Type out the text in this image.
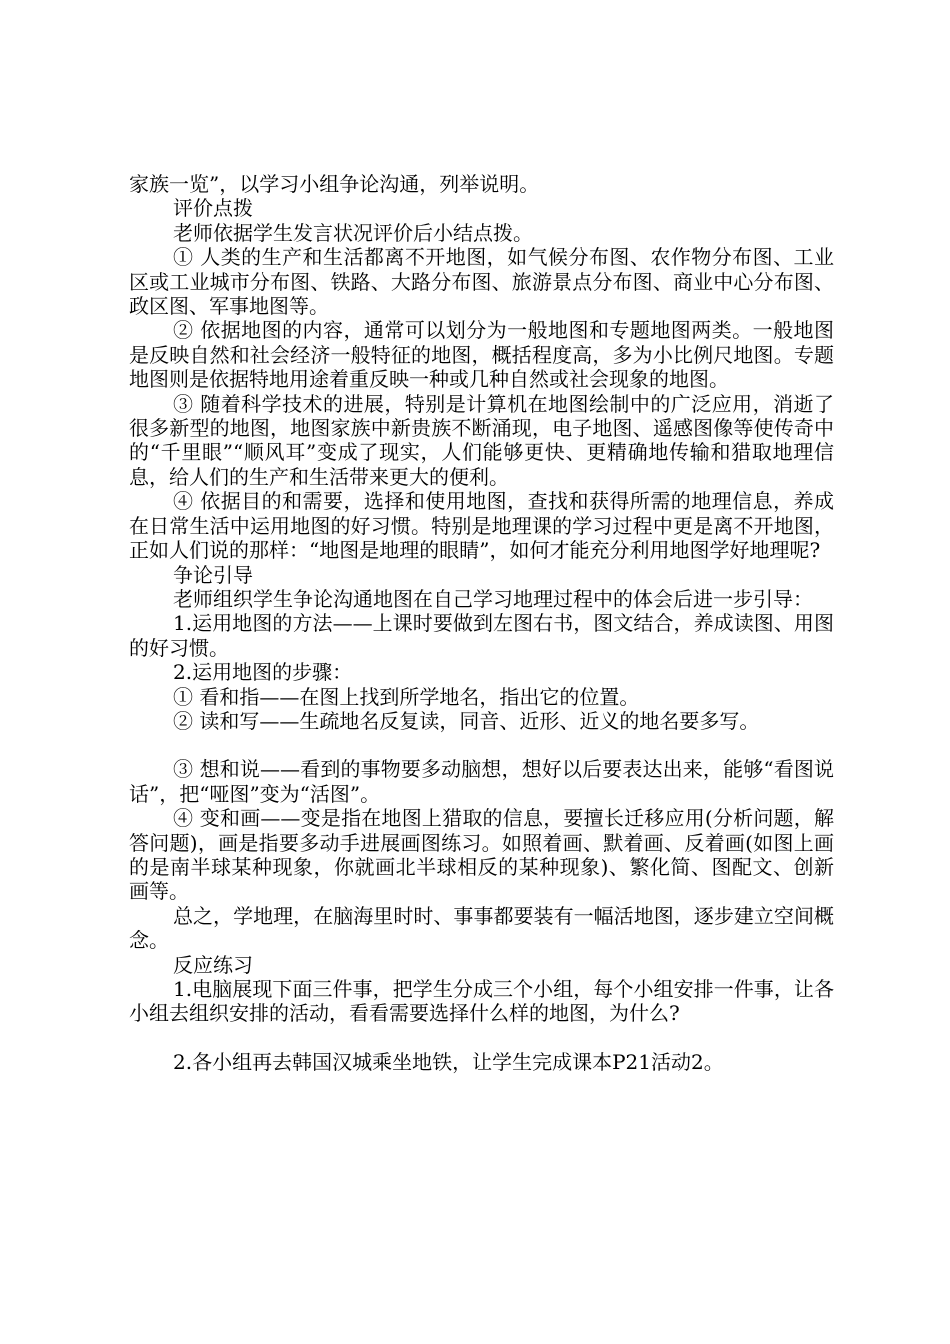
家族一览”，以学习小组争论沟通，列举说明。

评价点拨

老师依据学生发言状况评价后小结点拨。

① 人类的生产和生活都离不开地图，如气候分布图、农作物分布图、工业区或工业城市分布图、铁路、大路分布图、旅游景点分布图、商业中心分布图、政区图、军事地图等。

② 依据地图的内容，通常可以划分为一般地图和专题地图两类。一般地图是反映自然和社会经济一般特征的地图，概括程度高，多为小比例尺地图。专题地图则是依据特地用途着重反映一种或几种自然或社会现象的地图。

③ 随着科学技术的进展，特别是计算机在地图绘制中的广泛应用，消逝了很多新型的地图，地图家族中新贵族不断涌现，电子地图、遥感图像等使传奇中的“千里眼”“顺风耳”变成了现实，人们能够更快、更精确地传输和猎取地理信息，给人们的生产和生活带来更大的便利。

④ 依据目的和需要，选择和使用地图，查找和获得所需的地理信息，养成在日常生活中运用地图的好习惯。特别是地理课的学习过程中更是离不开地图，正如人们说的那样：“地图是地理的眼睛”，如何才能充分利用地图学好地理呢?

争论引导

老师组织学生争论沟通地图在自己学习地理过程中的体会后进一步引导：

1.运用地图的方法——上课时要做到左图右书，图文结合，养成读图、用图的好习惯。

2.运用地图的步骤：

① 看和指——在图上找到所学地名，指出它的位置。

② 读和写——生疏地名反复读，同音、近形、近义的地名要多写。

③ 想和说——看到的事物要多动脑想，想好以后要表达出来，能够“看图说话”，把“哑图”变为“活图”。

④ 变和画——变是指在地图上猎取的信息，要擅长迁移应用(分析问题，解答问题)，画是指要多动手进展画图练习。如照着画、默着画、反着画(如图上画的是南半球某种现象，你就画北半球相反的某种现象)、繁化简、图配文、创新画等。

总之，学地理，在脑海里时时、事事都要装有一幅活地图，逐步建立空间概念。

反应练习

1.电脑展现下面三件事，把学生分成三个小组，每个小组安排一件事，让各小组去组织安排的活动，看看需要选择什么样的地图，为什么?

2.各小组再去韩国汉城乘坐地铁，让学生完成课本P21活动2。
